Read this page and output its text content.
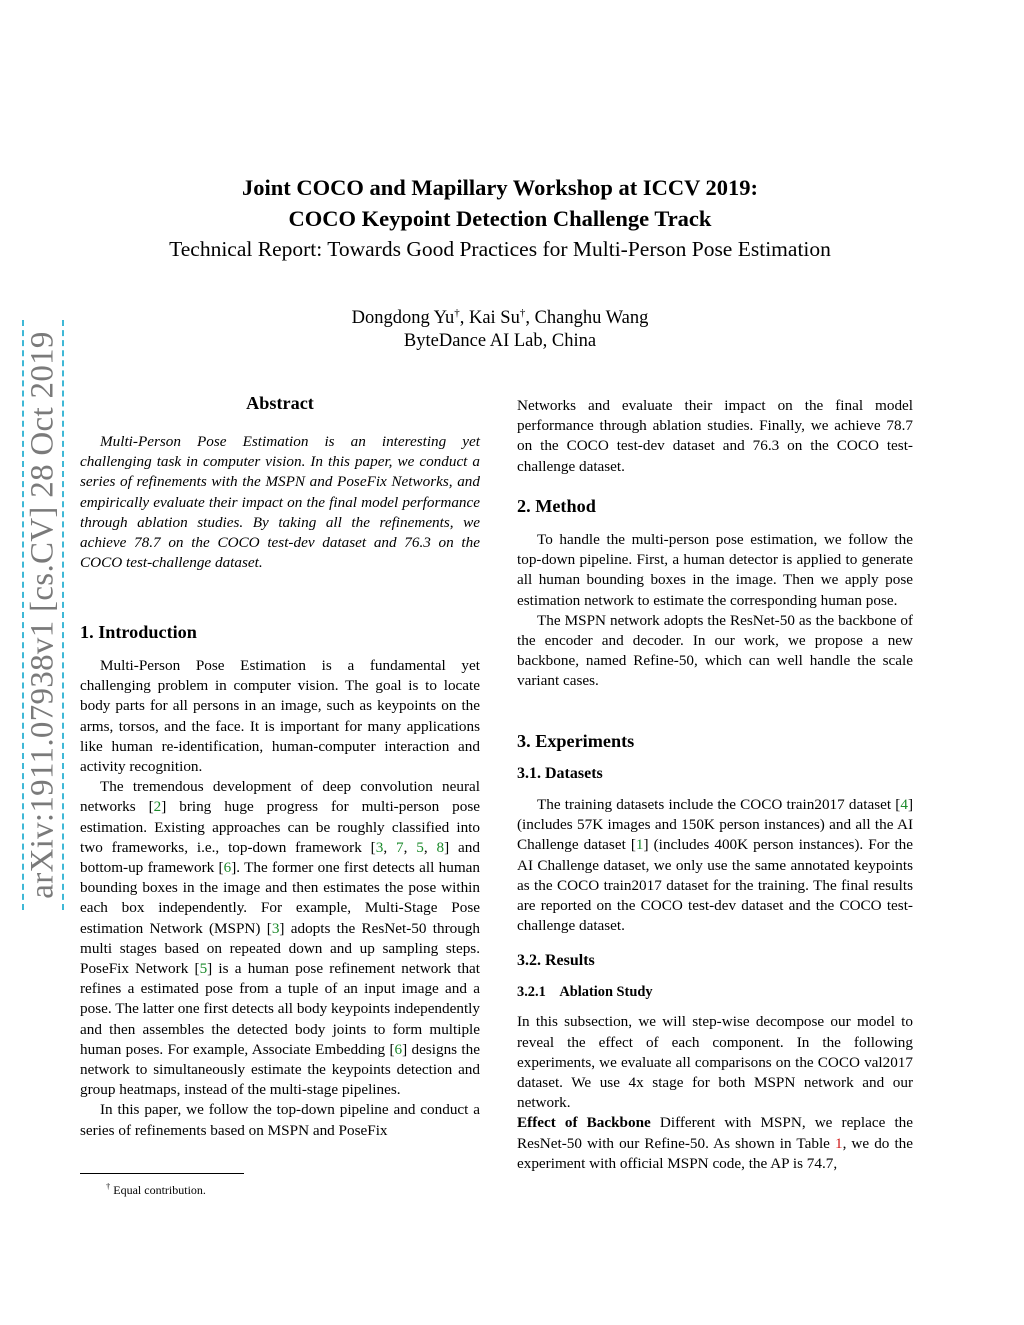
arXiv:1911.07938v1 [cs.CV] 28 Oct 2019
Joint COCO and Mapillary Workshop at ICCV 2019:
COCO Keypoint Detection Challenge Track
Technical Report: Towards Good Practices for Multi-Person Pose Estimation
Dongdong Yu†, Kai Su†, Changhu Wang
ByteDance AI Lab, China
Abstract

Multi-Person Pose Estimation is an interesting yet challenging task in computer vision. In this paper, we conduct a series of refinements with the MSPN and PoseFix Networks, and empirically evaluate their impact on the final model performance through ablation studies. By taking all the refinements, we achieve 78.7 on the COCO test-dev dataset and 76.3 on the COCO test-challenge dataset.

1. Introduction

Multi-Person Pose Estimation is a fundamental yet challenging problem in computer vision. The goal is to locate body parts for all persons in an image, such as keypoints on the arms, torsos, and the face. It is important for many applications like human re-identification, human-computer interaction and activity recognition.

The tremendous development of deep convolution neural networks [2] bring huge progress for multi-person pose estimation. Existing approaches can be roughly classified into two frameworks, i.e., top-down framework [3, 7, 5, 8] and bottom-up framework [6]. The former one first detects all human bounding boxes in the image and then estimates the pose within each box independently. For example, Multi-Stage Pose estimation Network (MSPN) [3] adopts the ResNet-50 through multi stages based on repeated down and up sampling steps. PoseFix Network [5] is a human pose refinement network that refines a estimated pose from a tuple of an input image and a pose. The latter one first detects all body keypoints independently and then assembles the detected body joints to form multiple human poses. For example, Associate Embedding [6] designs the network to simultaneously estimate the keypoints detection and group heatmaps, instead of the multi-stage pipelines.

In this paper, we follow the top-down pipeline and conduct a series of refinements based on MSPN and PoseFix

† Equal contribution.

Networks and evaluate their impact on the final model performance through ablation studies. Finally, we achieve 78.7 on the COCO test-dev dataset and 76.3 on the COCO test-challenge dataset.

2. Method

To handle the multi-person pose estimation, we follow the top-down pipeline. First, a human detector is applied to generate all human bounding boxes in the image. Then we apply pose estimation network to estimate the corresponding human pose.

The MSPN network adopts the ResNet-50 as the backbone of the encoder and decoder. In our work, we propose a new backbone, named Refine-50, which can well handle the scale variant cases.

3. Experiments
3.1. Datasets

The training datasets include the COCO train2017 dataset [4] (includes 57K images and 150K person instances) and all the AI Challenge dataset [1] (includes 400K person instances). For the AI Challenge dataset, we only use the same annotated keypoints as the COCO train2017 dataset for the training. The final results are reported on the COCO test-dev dataset and the COCO test-challenge dataset.

3.2. Results
3.2.1    Ablation Study

In this subsection, we will step-wise decompose our model to reveal the effect of each component. In the following experiments, we evaluate all comparisons on the COCO val2017 dataset. We use 4x stage for both MSPN network and our network.

Effect of Backbone Different with MSPN, we replace the ResNet-50 with our Refine-50. As shown in Table 1, we do the experiment with official MSPN code, the AP is 74.7,
